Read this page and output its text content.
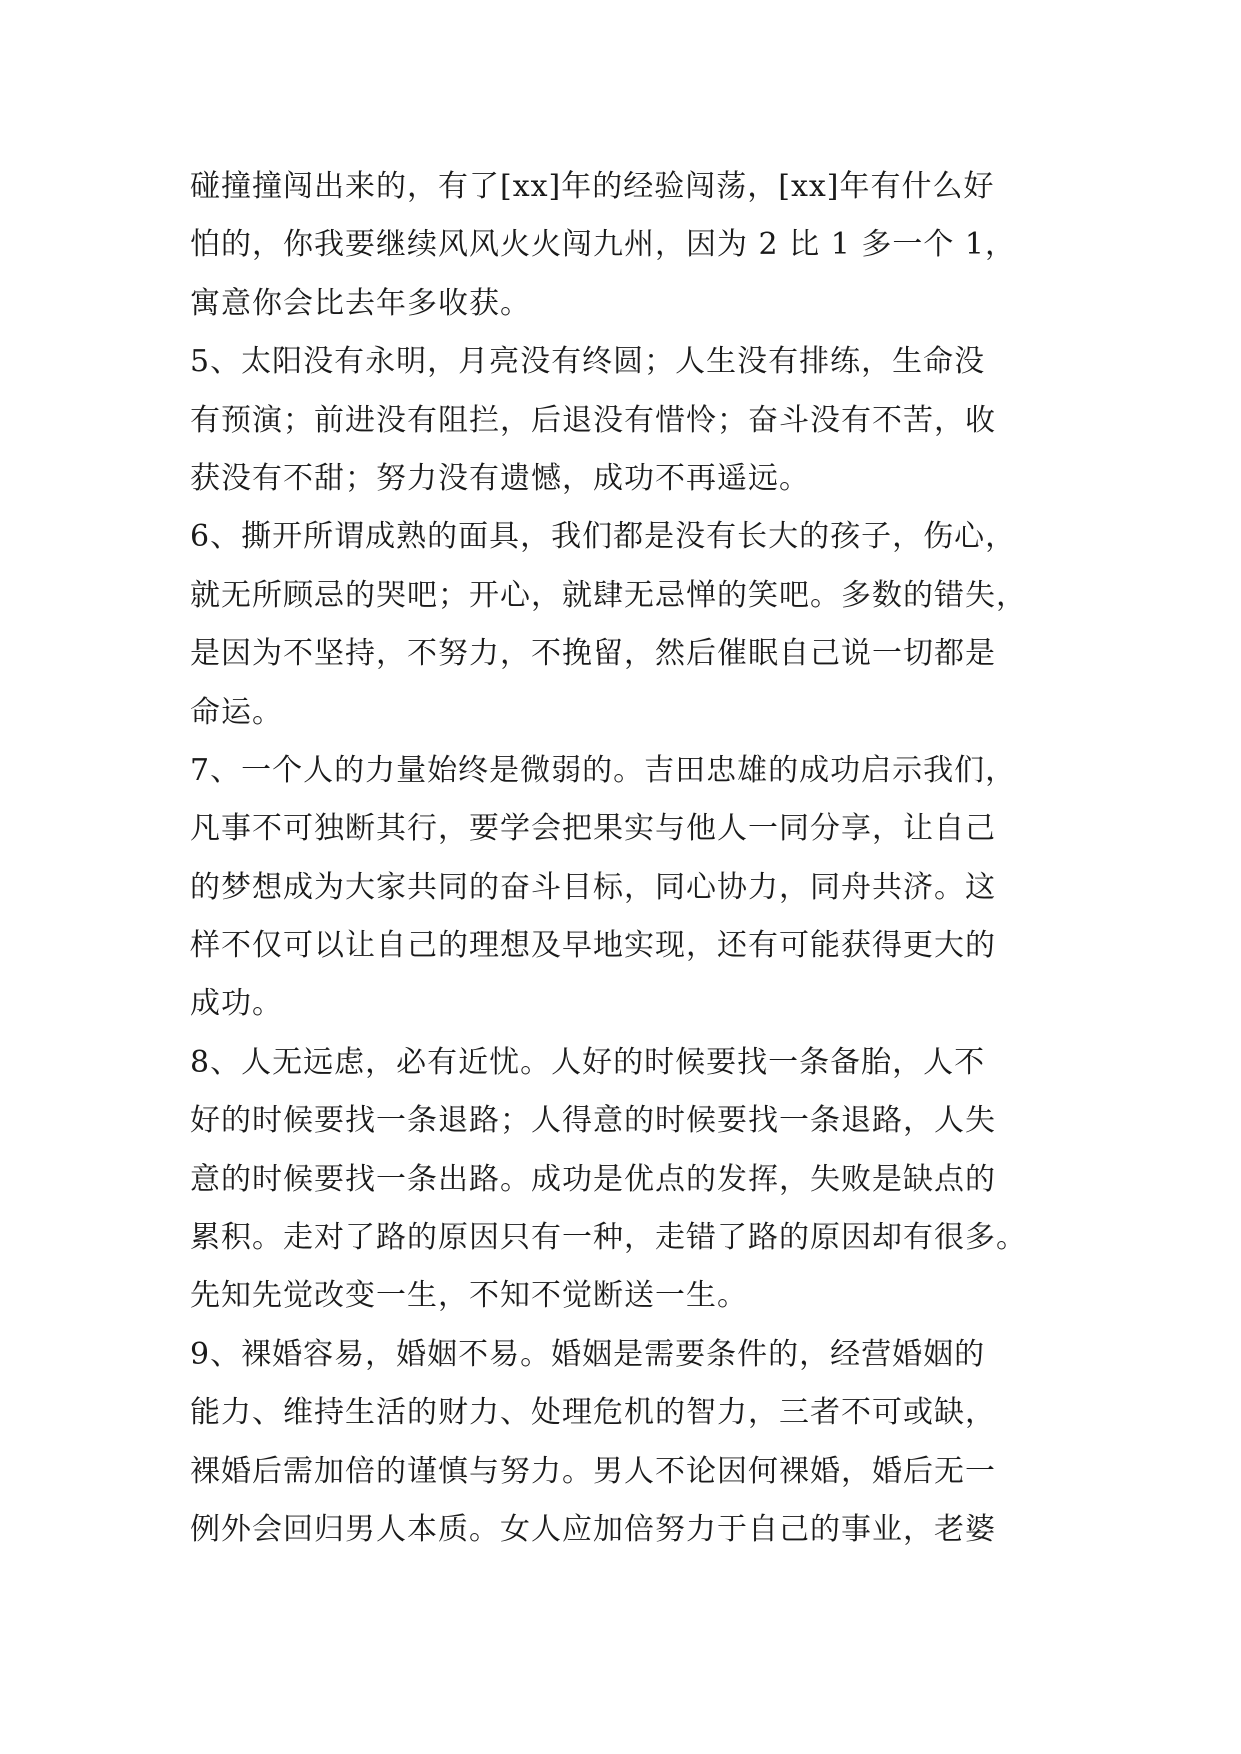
碰撞撞闯出来的，有了[xx]年的经验闯荡，[xx]年有什么好
怕的，你我要继续风风火火闯九州，因为 2 比 1 多一个 1，
寓意你会比去年多收获。
5、太阳没有永明，月亮没有终圆；人生没有排练，生命没
有预演；前进没有阻拦，后退没有惜怜；奋斗没有不苦，收
获没有不甜；努力没有遗憾，成功不再遥远。
6、撕开所谓成熟的面具，我们都是没有长大的孩子，伤心，
就无所顾忌的哭吧；开心，就肆无忌惮的笑吧。多数的错失，
是因为不坚持，不努力，不挽留，然后催眠自己说一切都是
命运。
7、一个人的力量始终是微弱的。吉田忠雄的成功启示我们，
凡事不可独断其行，要学会把果实与他人一同分享，让自己
的梦想成为大家共同的奋斗目标，同心协力，同舟共济。这
样不仅可以让自己的理想及早地实现，还有可能获得更大的
成功。
8、人无远虑，必有近忧。人好的时候要找一条备胎，人不
好的时候要找一条退路；人得意的时候要找一条退路，人失
意的时候要找一条出路。成功是优点的发挥，失败是缺点的
累积。走对了路的原因只有一种，走错了路的原因却有很多。
先知先觉改变一生，不知不觉断送一生。
9、裸婚容易，婚姻不易。婚姻是需要条件的，经营婚姻的
能力、维持生活的财力、处理危机的智力，三者不可或缺，
裸婚后需加倍的谨慎与努力。男人不论因何裸婚，婚后无一
例外会回归男人本质。女人应加倍努力于自己的事业，老婆
